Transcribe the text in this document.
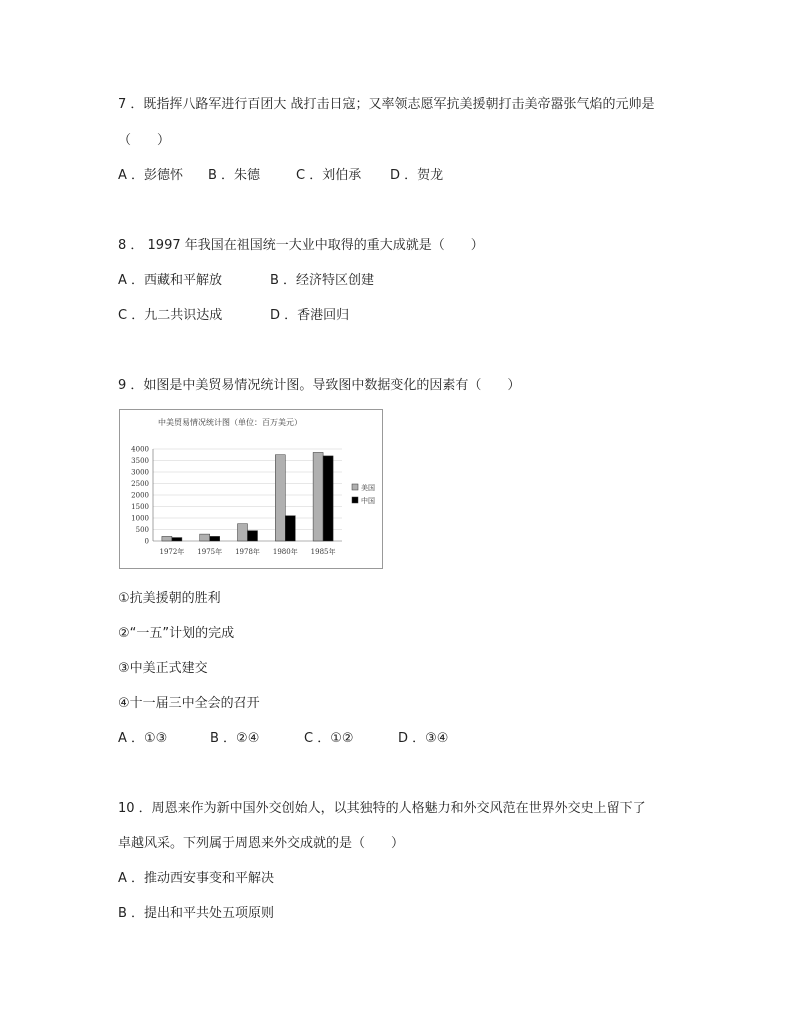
7 ．既指挥八路军进行百团大 战打击日寇；又率领志愿军抗美援朝打击美帝嚣张气焰的元帅是
（　　）
A ．彭德怀 B ．朱德	C ．刘伯承 D ．贺龙
8 ． 1997 年我国在祖国统一大业中取得的重大成就是（　　）
A ．西藏和平解放	B ．经济特区创建
C ．九二共识达成	D ．香港回归
9 ．如图是中美贸易情况统计图。导致图中数据变化的因素有（　　）
中美贸易情况统计图（单位：百万美元）
0
500
1000
1500
2000
2500
3000
3500
4000
1972年 1975年 1978年 1980年 1985年
美国
中国
①抗美援朝的胜利
②“一五”计划的完成
③中美正式建交
④十一届三中全会的召开
A ．①③	B ．②④	C ．①②	D ．③④
10 ．周恩来作为新中国外交创始人，以其独特的人格魅力和外交风范在世界外交史上留下了
卓越风采。下列属于周恩来外交成就的是（　　）
A ．推动西安事变和平解决
B ．提出和平共处五项原则
